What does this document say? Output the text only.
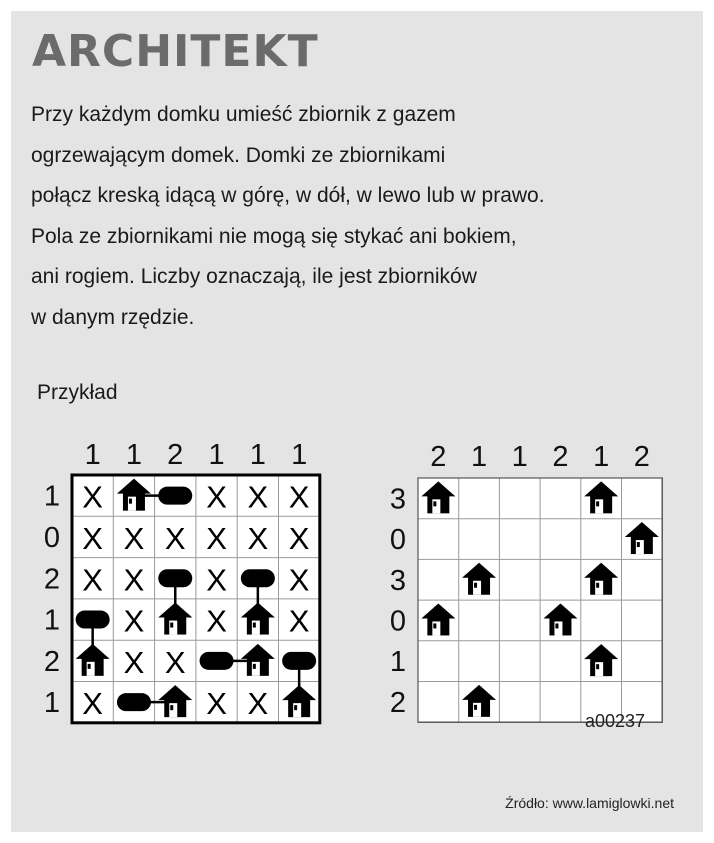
ARCHITEKT

Przy każdym domku umieść zbiornik z gazem
ogrzewającym domek. Domki ze zbiornikami
połącz kreską idącą w górę, w dół, w lewo lub w prawo.
Pola ze zbiornikami nie mogą się stykać ani bokiem,
ani rogiem. Liczby oznaczają, ile jest zbiorników
w danym rzędzie.

Przykład
1 1 2 1 1 1
1
0
2
1
2
1
X	X X X
X X X X X X
X X X X
X X X
X X
X	X X
2 1 1 2 1 2
3
0
3
0
1
2
a00237
Źródło: www.lamiglowki.net
